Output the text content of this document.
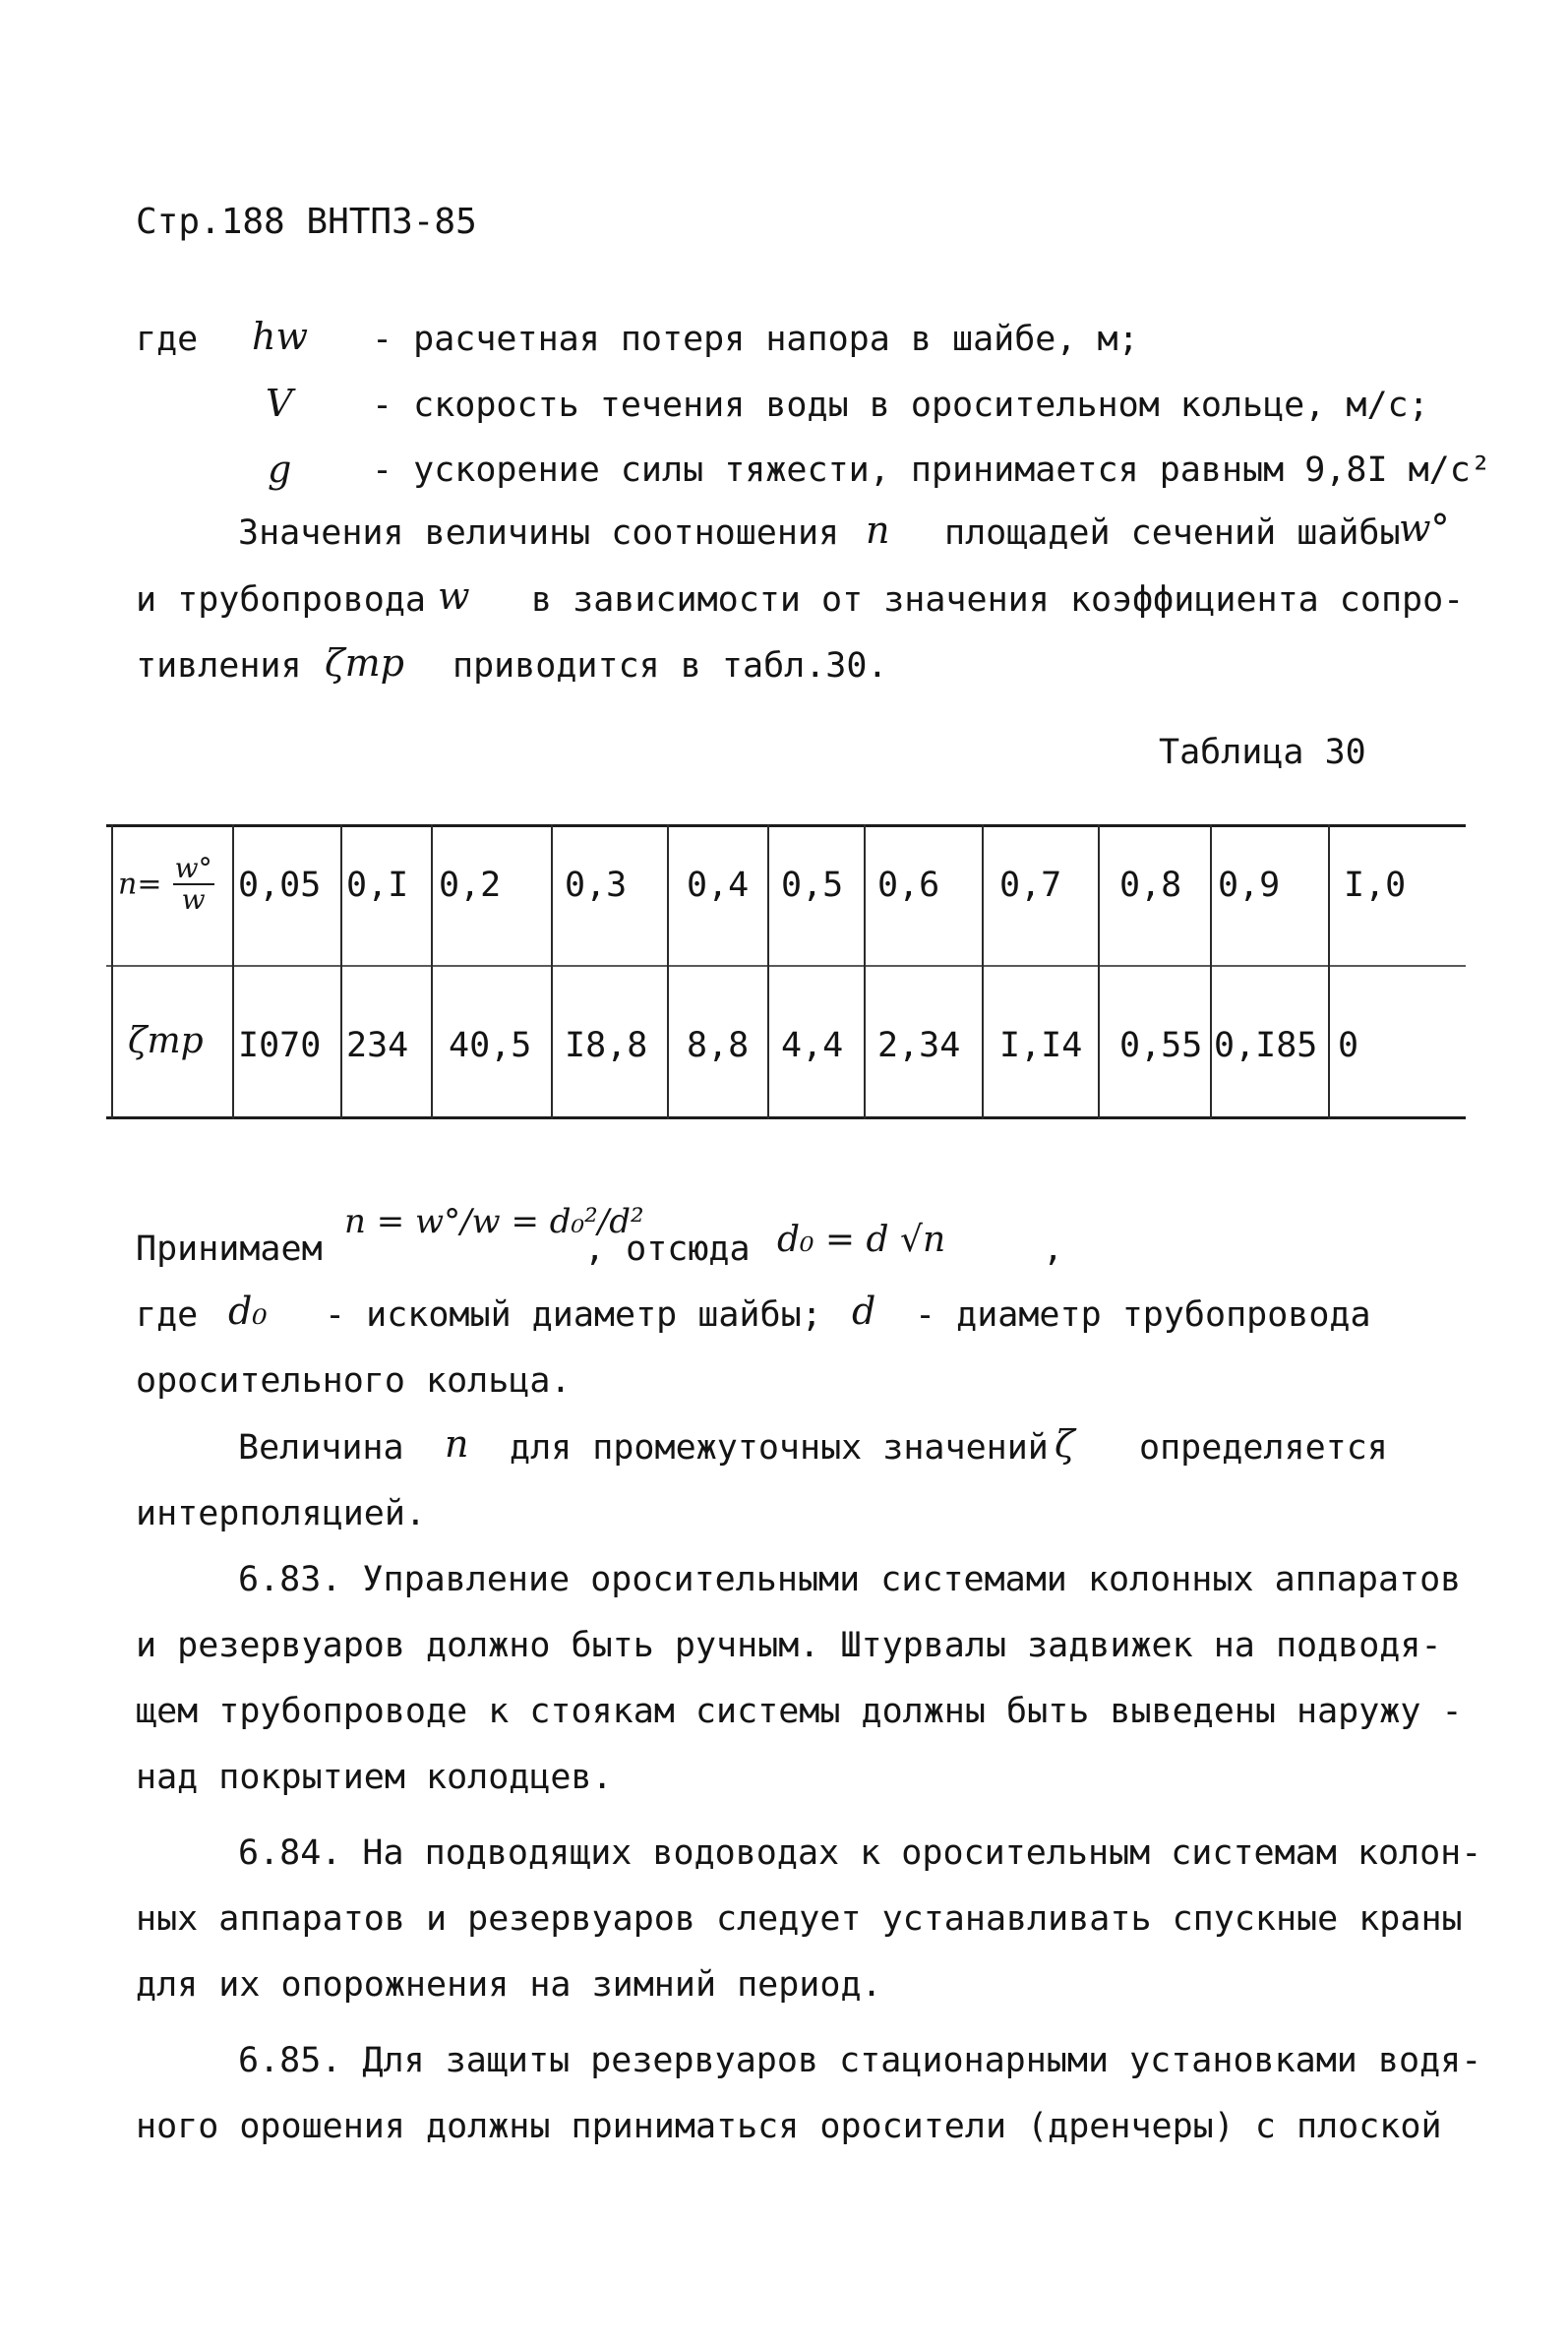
Стр.188 ВНТПЗ-85
где hw - расчетная потеря напора в шайбе, м;
V - скорость течения воды в оросительном кольце, м/с;
g - ускорение силы тяжести, принимается равным 9,8I м/с²
Значения величины соотношения n площадей сечений шайбы
w°
и трубопровода w в зависимости от значения коэффициента сопро-
тивления ζтр приводится в табл.30.
Таблица 30
$n= \frac{w^\circ}{w}$
ζтр
0,05 0,I 0,2 0,3 0,4 0,5 0,6 0,7 0,8 0,9 I,0
I070 234 40,5 I8,8 8,8 4,4 2,34 I,I4 0,55 0,I85 0
Принимаем
n = w°/w = d₀²/d²
, отсюда d₀ = d √n	,
где d₀ - искомый диаметр шайбы; d - диаметр трубопровода
оросительного кольца.
Величина n для промежуточных значений ζ определяется
интерполяцией.
6.83. Управление оросительными системами колонных аппаратов
и резервуаров должно быть ручным. Штурвалы задвижек на подводя-
щем трубопроводе к стоякам системы должны быть выведены наружу -
над покрытием колодцев.
6.84. На подводящих водоводах к оросительным системам колон-
ных аппаратов и резервуаров следует устанавливать спускные краны
для их опорожнения на зимний период.
6.85. Для защиты резервуаров стационарными установками водя-
ного орошения должны приниматься оросители (дренчеры) с плоской
